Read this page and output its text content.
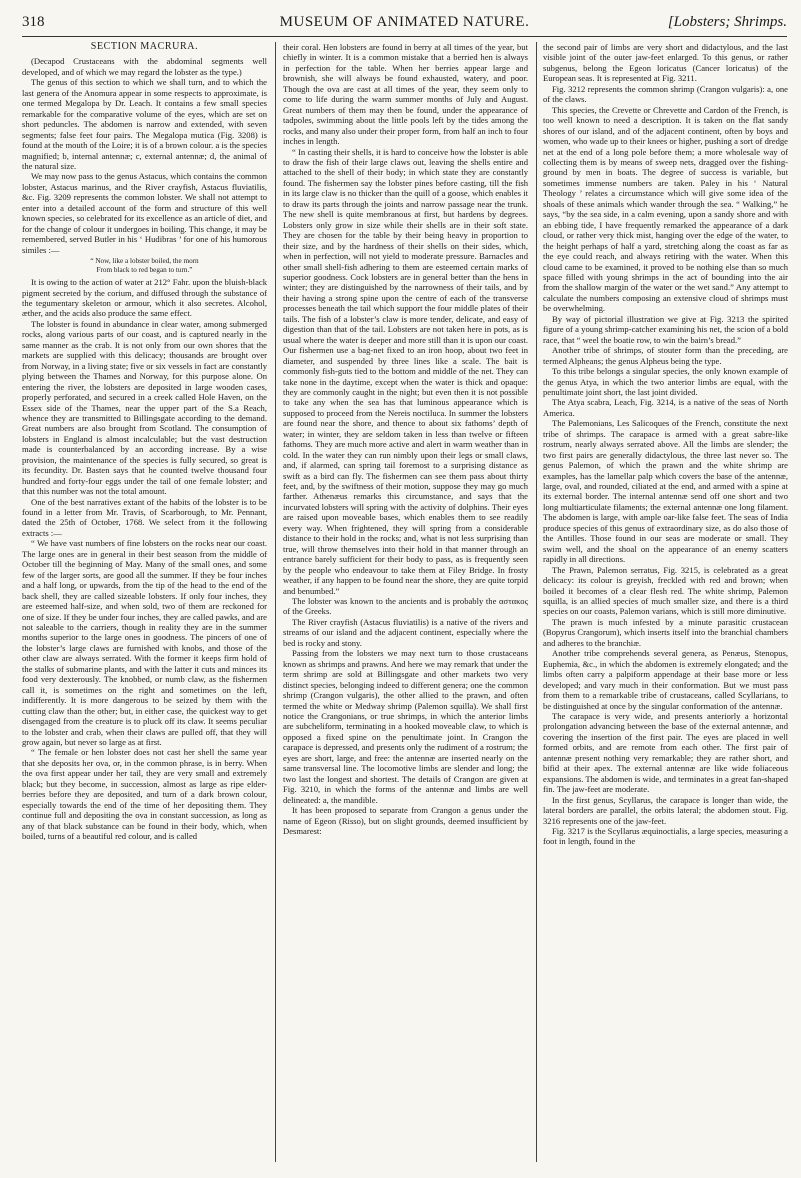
318	MUSEUM OF ANIMATED NATURE.	[Lobsters; Shrimps.
SECTION MACRURA.

(Decapod Crustaceans with the abdominal segments well developed, and of which we may regard the lobster as the type.)

The genus of this section to which we shall turn, and to which the last genera of the Anomura appear in some respects to approximate, is one termed Megalopa by Dr. Leach. It contains a few small species remarkable for the comparative volume of the eyes, which are set on short peduncles. The abdomen is narrow and extended, with seven segments; false feet four pairs. The Megalopa mutica (Fig. 3208) is found at the mouth of the Loire; it is of a brown colour. a is the species magnified; b, internal antennæ; c, external antennæ; d, the animal of the natural size.

We may now pass to the genus Astacus, which contains the common lobster, Astacus marinus, and the River crayfish, Astacus fluviatilis, &c. Fig. 3209 represents the common lobster. We shall not attempt to enter into a detailed account of the form and structure of this well known species, so celebrated for its excellence as an article of diet, and for the change of colour it undergoes in boiling. This change, it may be remembered, served Butler in his ‘ Hudibras ’ for one of his humorous similes :—

“ Now, like a lobster boiled, the morn
From black to red began to turn.”

It is owing to the action of water at 212° Fahr. upon the bluish-black pigment secreted by the corium, and diffused through the substance of the tegumentary skeleton or armour, which it also secretes. Alcohol, æther, and the acids also produce the same effect.

The lobster is found in abundance in clear water, among submerged rocks, along various parts of our coast, and is captured nearly in the same manner as the crab. It is not only from our own shores that the markets are supplied with this delicacy; thousands are brought over from Norway, in a living state; five or six vessels in fact are constantly plying between the Thames and Norway, for this purpose alone. On entering the river, the lobsters are deposited in large wooden cases, properly perforated, and secured in a creek called Hole Haven, on the Essex side of the Thames, near the upper part of the S.a Reach, whence they are transmitted to Billingsgate according to the demand. Great numbers are also brought from Scotland. The consumption of lobsters in England is almost incalculable; but the vast destruction made is counterbalanced by an according increase. By a wise provision, the maintenance of the species is fully secured, so great is its fecundity. Dr. Basten says that he counted twelve thousand four hundred and forty-four eggs under the tail of one female lobster; and that this number was not the total amount.

One of the best narratives extant of the habits of the lobster is to be found in a letter from Mr. Travis, of Scarborough, to Mr. Pennant, dated the 25th of October, 1768. We select from it the following extracts :—

“ We have vast numbers of fine lobsters on the rocks near our coast. The large ones are in general in their best season from the middle of October till the beginning of May. Many of the small ones, and some few of the larger sorts, are good all the summer. If they be four inches and a half long, or upwards, from the tip of the head to the end of the back shell, they are called sizeable lobsters. If only four inches, they are esteemed half-size, and when sold, two of them are reckoned for one of size. If they be under four inches, they are called pawks, and are not saleable to the carriers, though in reality they are in the summer months superior to the large ones in goodness. The pincers of one of the lobster’s large claws are furnished with knobs, and those of the other claw are always serrated. With the former it keeps firm hold of the stalks of submarine plants, and with the latter it cuts and minces its food very dexterously. The knobbed, or numb claw, as the fishermen call it, is sometimes on the right and sometimes on the left, indifferently. It is more dangerous to be seized by them with the cutting claw than the other; but, in either case, the quickest way to get disengaged from the creature is to pluck off its claw. It seems peculiar to the lobster and crab, when their claws are pulled off, that they will grow again, but never so large as at first.

“ The female or hen lobster does not cast her shell the same year that she deposits her ova, or, in the common phrase, is in berry. When the ova first appear under her tail, they are very small and extremely black; but they become, in succession, almost as large as ripe elder-berries before they are deposited, and turn of a dark brown colour, especially towards the end of the time of her depositing them. They continue full and depositing the ova in constant succession, as long as any of that black substance can be found in their body, which, when boiled, turns of a beautiful red colour, and is called

their coral. Hen lobsters are found in berry at all times of the year, but chiefly in winter. It is a common mistake that a berried hen is always in perfection for the table. When her berries appear large and brownish, she will always be found exhausted, watery, and poor. Though the ova are cast at all times of the year, they seem only to come to life during the warm summer months of July and August. Great numbers of them may then be found, under the appearance of tadpoles, swimming about the little pools left by the tides among the rocks, and many also under their proper form, from half an inch to four inches in length.

“ In casting their shells, it is hard to conceive how the lobster is able to draw the fish of their large claws out, leaving the shells entire and attached to the shell of their body; in which state they are constantly found. The fishermen say the lobster pines before casting, till the fish in its large claw is no thicker than the quill of a goose, which enables it to draw its parts through the joints and narrow passage near the trunk. The new shell is quite membranous at first, but hardens by degrees. Lobsters only grow in size while their shells are in their soft state. They are chosen for the table by their being heavy in proportion to their size, and by the hardness of their shells on their sides, which, when in perfection, will not yield to moderate pressure. Barnacles and other small shell-fish adhering to them are esteemed certain marks of superior goodness. Cock lobsters are in general better than the hens in winter; they are distinguished by the narrowness of their tails, and by their having a strong spine upon the centre of each of the transverse processes beneath the tail which support the four middle plates of their tails. The fish of a lobster’s claw is more tender, delicate, and easy of digestion than that of the tail. Lobsters are not taken here in pots, as is usual where the water is deeper and more still than it is upon our coast. Our fishermen use a bag-net fixed to an iron hoop, about two feet in diameter, and suspended by three lines like a scale. The bait is commonly fish-guts tied to the bottom and middle of the net. They can take none in the daytime, except when the water is thick and opaque: they are commonly caught in the night; but even then it is not possible to take any when the sea has that luminous appearance which is supposed to proceed from the Nereis noctiluca. In summer the lobsters are found near the shore, and thence to about six fathoms’ depth of water; in winter, they are seldom taken in less than twelve or fifteen fathoms. They are much more active and alert in warm weather than in cold. In the water they can run nimbly upon their legs or small claws, and, if alarmed, can spring tail foremost to a surprising distance as swift as a bird can fly. The fishermen can see them pass about thirty feet, and, by the swiftness of their motion, suppose they may go much farther. Athenæus remarks this circumstance, and says that the incurvated lobsters will spring with the activity of dolphins. Their eyes are raised upon moveable bases, which enables them to see readily every way. When frightened, they will spring from a considerable distance to their hold in the rocks; and, what is not less surprising than true, will throw themselves into their hold in that manner through an entrance barely sufficient for their body to pass, as is frequently seen by the people who endeavour to take them at Filey Bridge. In frosty weather, if any happen to be found near the shore, they are quite torpid and benumbed.”

The lobster was known to the ancients and is probably the αστακος of the Greeks.

The River crayfish (Astacus fluviatilis) is a native of the rivers and streams of our island and the adjacent continent, especially where the bed is rocky and stony.

Passing from the lobsters we may next turn to those crustaceans known as shrimps and prawns. And here we may remark that under the term shrimp are sold at Billingsgate and other markets two very distinct species, belonging indeed to different genera; one the common shrimp (Crangon vulgaris), the other allied to the prawn, and often termed the white or Medway shrimp (Palemon squilla). We shall first notice the Crangonians, or true shrimps, in which the anterior limbs are subcheliform, terminating in a hooked moveable claw, to which is opposed a fixed spine on the penultimate joint. In Crangon the carapace is depressed, and presents only the rudiment of a rostrum; the eyes are short, large, and free: the antennæ are inserted nearly on the same transversal line. The locomotive limbs are slender and long; the two last the longest and shortest. The details of Crangon are given at Fig. 3210, in which the forms of the antennæ and limbs are well delineated: a, the mandible.

It has been proposed to separate from Crangon a genus under the name of Egeon (Risso), but on slight grounds, deemed insufficient by Desmarest:

the second pair of limbs are very short and didactylous, and the last visible joint of the outer jaw-feet enlarged. To this genus, or rather subgenus, belong the Egeon loricatus (Cancer loricatus) of the European seas. It is represented at Fig. 3211.

Fig. 3212 represents the common shrimp (Crangon vulgaris): a, one of the claws.

This species, the Crevette or Chrevette and Cardon of the French, is too well known to need a description. It is taken on the flat sandy shores of our island, and of the adjacent continent, often by boys and women, who wade up to their knees or higher, pushing a sort of dredge net at the end of a long pole before them; a more wholesale way of collecting them is by means of sweep nets, dragged over the fishing-ground by men in boats. The degree of success is variable, but sometimes immense numbers are taken. Paley in his ‘ Natural Theology ’ relates a circumstance which will give some idea of the shoals of these animals which wander through the sea. “ Walking,” he says, “by the sea side, in a calm evening, upon a sandy shore and with an ebbing tide, I have frequently remarked the appearance of a dark cloud, or rather very thick mist, hanging over the edge of the water, to the height perhaps of half a yard, stretching along the coast as far as the eye could reach, and always retiring with the water. When this cloud came to be examined, it proved to be nothing else than so much space filled with young shrimps in the act of bounding into the air from the shallow margin of the water or the wet sand.” Any attempt to calculate the numbers composing an extensive cloud of shrimps must be overwhelming.

By way of pictorial illustration we give at Fig. 3213 the spirited figure of a young shrimp-catcher examining his net, the scion of a bold race, that “ weel the boatie row, to win the bairn’s bread.”

Another tribe of shrimps, of stouter form than the preceding, are termed Alpheans; the genus Alpheus being the type.

To this tribe belongs a singular species, the only known example of the genus Atya, in which the two anterior limbs are equal, with the penultimate joint short, the last joint divided.

The Atya scabra, Leach, Fig. 3214, is a native of the seas of North America.

The Palemonians, Les Salicoques of the French, constitute the next tribe of shrimps. The carapace is armed with a great sabre-like rostrum, nearly always serrated above. All the limbs are slender; the two first pairs are generally didactylous, the three last never so. The genus Palemon, of which the prawn and the white shrimp are examples, has the lamellar palp which covers the base of the antennæ, large, oval, and rounded, ciliated at the end, and armed with a spine at its external border. The internal antennæ send off one short and two long multiarticulate filaments; the external antennæ one long filament. The abdomen is large, with ample oar-like false feet. The seas of India produce species of this genus of extraordinary size, as do also those of the Antilles. Those found in our seas are moderate or small. They swim well, and the shoal on the appearance of an enemy scatters rapidly in all directions.

The Prawn, Palemon serratus, Fig. 3215, is celebrated as a great delicacy: its colour is greyish, freckled with red and brown; when boiled it becomes of a clear flesh red. The white shrimp, Palemon squilla, is an allied species of much smaller size, and there is a third species on our coasts, Palemon varians, which is still more diminutive.

The prawn is much infested by a minute parasitic crustacean (Bopyrus Crangorum), which inserts itself into the branchial chambers and adheres to the branchiæ.

Another tribe comprehends several genera, as Penæus, Stenopus, Euphemia, &c., in which the abdomen is extremely elongated; and the limbs often carry a palpiform appendage at their base more or less developed; and vary much in their conformation. But we must pass from them to a remarkable tribe of crustaceans, called Scyllarians, to be distinguished at once by the singular conformation of the antennæ.

The carapace is very wide, and presents anteriorly a horizontal prolongation advancing between the base of the external antennæ, and covering the insertion of the first pair. The eyes are placed in well formed orbits, and are remote from each other. The first pair of antennæ present nothing very remarkable; they are rather short, and bifid at their apex. The external antennæ are like wide foliaceous expansions. The abdomen is wide, and terminates in a great fan-shaped fin. The jaw-feet are moderate.

In the first genus, Scyllarus, the carapace is longer than wide, the lateral borders are parallel, the orbits lateral; the abdomen stout. Fig. 3216 represents one of the jaw-feet.

Fig. 3217 is the Scyllarus æquinoctialis, a large species, measuring a foot in length, found in the
